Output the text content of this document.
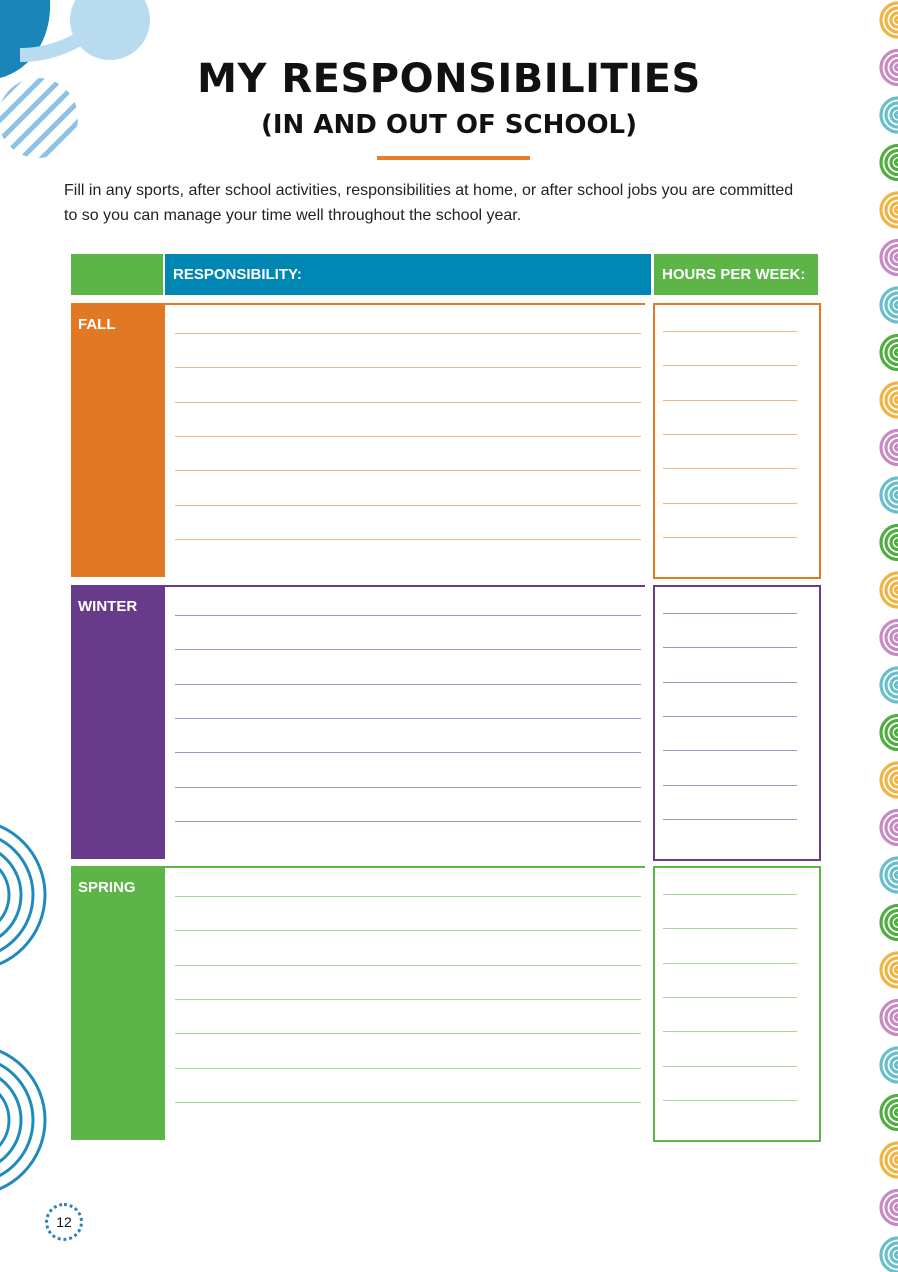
MY RESPONSIBILITIES
(IN AND OUT OF SCHOOL)
Fill in any sports, after school activities, responsibilities at home, or after school jobs you are committed to so you can manage your time well throughout the school year.
RESPONSIBILITY:	HOURS PER WEEK:
FALL
WINTER
SPRING
12
